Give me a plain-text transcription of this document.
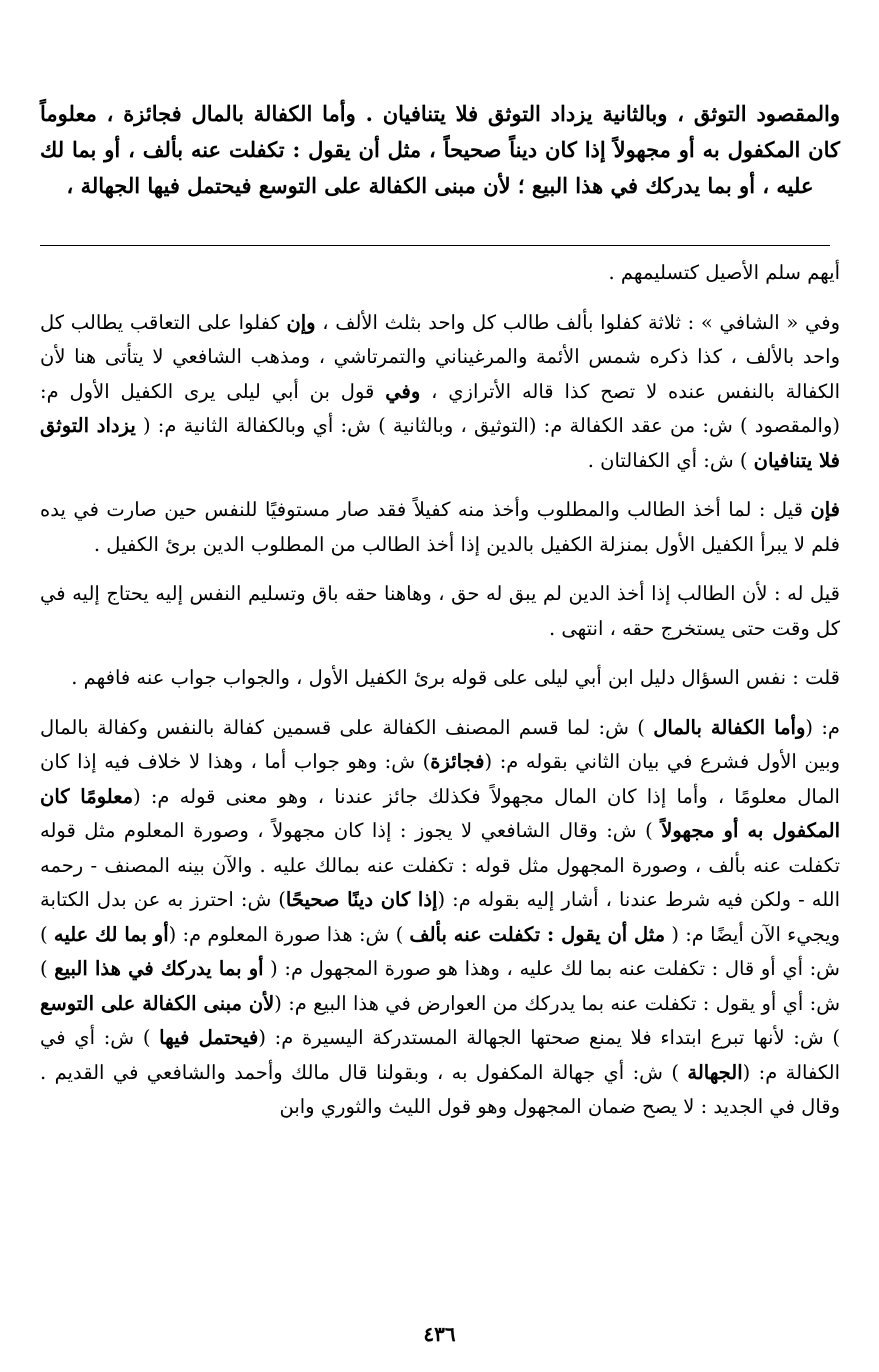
والمقصود التوثق ، وبالثانية يزداد التوثق فلا يتنافيان . وأما الكفالة بالمال فجائزة ، معلوماً كان المكفول به أو مجهولاً إذا كان ديناً صحيحاً ، مثل أن يقول : تكفلت عنه بألف ، أو بما لك عليه ، أو بما يدركك في هذا البيع ؛ لأن مبنى الكفالة على التوسع فيحتمل فيها الجهالة ،

أيهم سلم الأصيل كتسليمهم .

وفي « الشافي » : ثلاثة كفلوا بألف طالب كل واحد بثلث الألف ، وإن كفلوا على التعاقب يطالب كل واحد بالألف ، كذا ذكره شمس الأئمة والمرغيناني والتمرتاشي ، ومذهب الشافعي لا يتأتى هنا لأن الكفالة بالنفس عنده لا تصح كذا قاله الأترازي ، وفي قول بن أبي ليلى يرى الكفيل الأول م: (والمقصود ) ش: من عقد الكفالة م: (التوثيق ، وبالثانية ) ش: أي وبالكفالة الثانية م: ( يزداد التوثق فلا يتنافيان ) ش: أي الكفالتان .

فإن قيل : لما أخذ الطالب والمطلوب وأخذ منه كفيلاً فقد صار مستوفيًا للنفس حين صارت في يده فلم لا يبرأ الكفيل الأول بمنزلة الكفيل بالدين إذا أخذ الطالب من المطلوب الدين برئ الكفيل .

قيل له : لأن الطالب إذا أخذ الدين لم يبق له حق ، وهاهنا حقه باق وتسليم النفس إليه يحتاج إليه في كل وقت حتى يستخرج حقه ، انتهى .

قلت : نفس السؤال دليل ابن أبي ليلى على قوله برئ الكفيل الأول ، والجواب جواب عنه فافهم .

م: (وأما الكفالة بالمال ) ش: لما قسم المصنف الكفالة على قسمين كفالة بالنفس وكفالة بالمال وبين الأول فشرع في بيان الثاني بقوله م: (فجائزة) ش: وهو جواب أما ، وهذا لا خلاف فيه إذا كان المال معلومًا ، وأما إذا كان المال مجهولاً فكذلك جائز عندنا ، وهو معنى قوله م: (معلومًا كان المكفول به أو مجهولاً ) ش: وقال الشافعي لا يجوز : إذا كان مجهولاً ، وصورة المعلوم مثل قوله تكفلت عنه بألف ، وصورة المجهول مثل قوله : تكفلت عنه بمالك عليه . والآن بينه المصنف - رحمه الله - ولكن فيه شرط عندنا ، أشار إليه بقوله م: (إذا كان دينًا صحيحًا) ش: احترز به عن بدل الكتابة ويجيء الآن أيضًا م: ( مثل أن يقول : تكفلت عنه بألف ) ش: هذا صورة المعلوم م: (أو بما لك عليه ) ش: أي أو قال : تكفلت عنه بما لك عليه ، وهذا هو صورة المجهول م: ( أو بما يدركك في هذا البيع ) ش: أي أو يقول : تكفلت عنه بما يدركك من العوارض في هذا البيع م: (لأن مبنى الكفالة على التوسع ) ش: لأنها تبرع ابتداء فلا يمنع صحتها الجهالة المستدركة اليسيرة م: (فيحتمل فيها ) ش: أي في الكفالة م: (الجهالة ) ش: أي جهالة المكفول به ، وبقولنا قال مالك وأحمد والشافعي في القديم . وقال في الجديد : لا يصح ضمان المجهول وهو قول الليث والثوري وابن

٤٣٦
